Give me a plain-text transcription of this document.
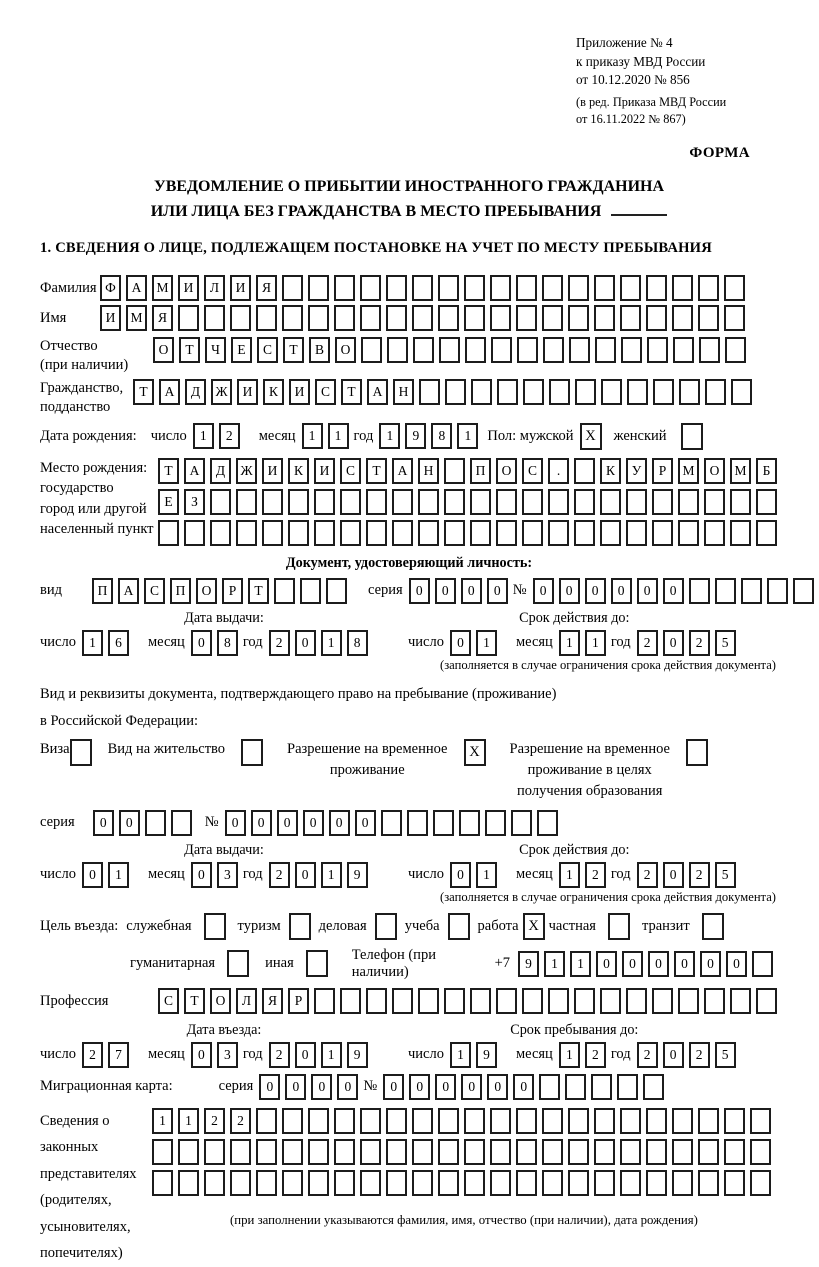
Приложение № 4
к приказу МВД России
от 10.12.2020 № 856
(в ред. Приказа МВД России
от 16.11.2022 № 867)
ФОРМА
УВЕДОМЛЕНИЕ О ПРИБЫТИИ ИНОСТРАННОГО ГРАЖДАНИНА
ИЛИ ЛИЦА БЕЗ ГРАЖДАНСТВА В МЕСТО ПРЕБЫВАНИЯ
1. СВЕДЕНИЯ О ЛИЦЕ, ПОДЛЕЖАЩЕМ ПОСТАНОВКЕ НА УЧЕТ ПО МЕСТУ ПРЕБЫВАНИЯ
Фамилия Ф	А	М	И	Л	И	Я
Имя	И	М	Я
Отчество
(при наличии)
О	Т	Ч	Е	С	Т	В	О
Гражданство,
подданство
Т	А	Д	Ж	И	К	И	С	Т	А	Н
Дата рождения: число 1	2	месяц 1	1 год 1	9	8	1	Пол: мужской X	женский
Место рождения:
государство
город или другой
населенный пункт
Т	А	Д	Ж	И	К	И	С	Т	А	Н	П	О	С	.	К	У	Р	М	О	М	Б
Е	З
Документ, удостоверяющий личность:
вид	П	А	С	П	О	Р	Т	серия 0	0	0	0 № 0	0	0	0	0	0
Дата выдачи:
число 1	6	месяц 0	8 год 2	0	1	8
Срок действия до:
число 0	1	месяц 1	1 год 2	0	2	5
(заполняется в случае ограничения срока действия документа)
Вид и реквизиты документа, подтверждающего право на пребывание (проживание)
в Российской Федерации:
Виза	Вид на жительство	Разрешение на временное
проживание
X	Разрешение на временное
проживание в целях
получения образования
серия	0	0	№ 0	0	0	0	0	0
Дата выдачи:
число 0	1	месяц 0	3 год 2	0	1	9
Срок действия до:
число 0	1	месяц 1	2 год 2	0	2	5
(заполняется в случае ограничения срока действия документа)
Цель въезда: служебная	туризм	деловая	учеба	работа X частная	транзит
гуманитарная	иная
Телефон (при наличии)
+7	9	1	1	0	0	0	0	0	0
Профессия	С	Т	О	Л	Я	Р
Дата въезда:
число 2	7	месяц 0	3 год 2	0	1	9
Срок пребывания до:
число 1	9	месяц 1	2 год 2	0	2	5
Миграционная карта:	серия 0	0	0	0 № 0	0	0	0	0	0
Сведения о
законных
представителях
(родителях,
усыновителях,
попечителях)
1	1	2	2
(при заполнении указываются фамилия, имя, отчество (при наличии), дата рождения)
